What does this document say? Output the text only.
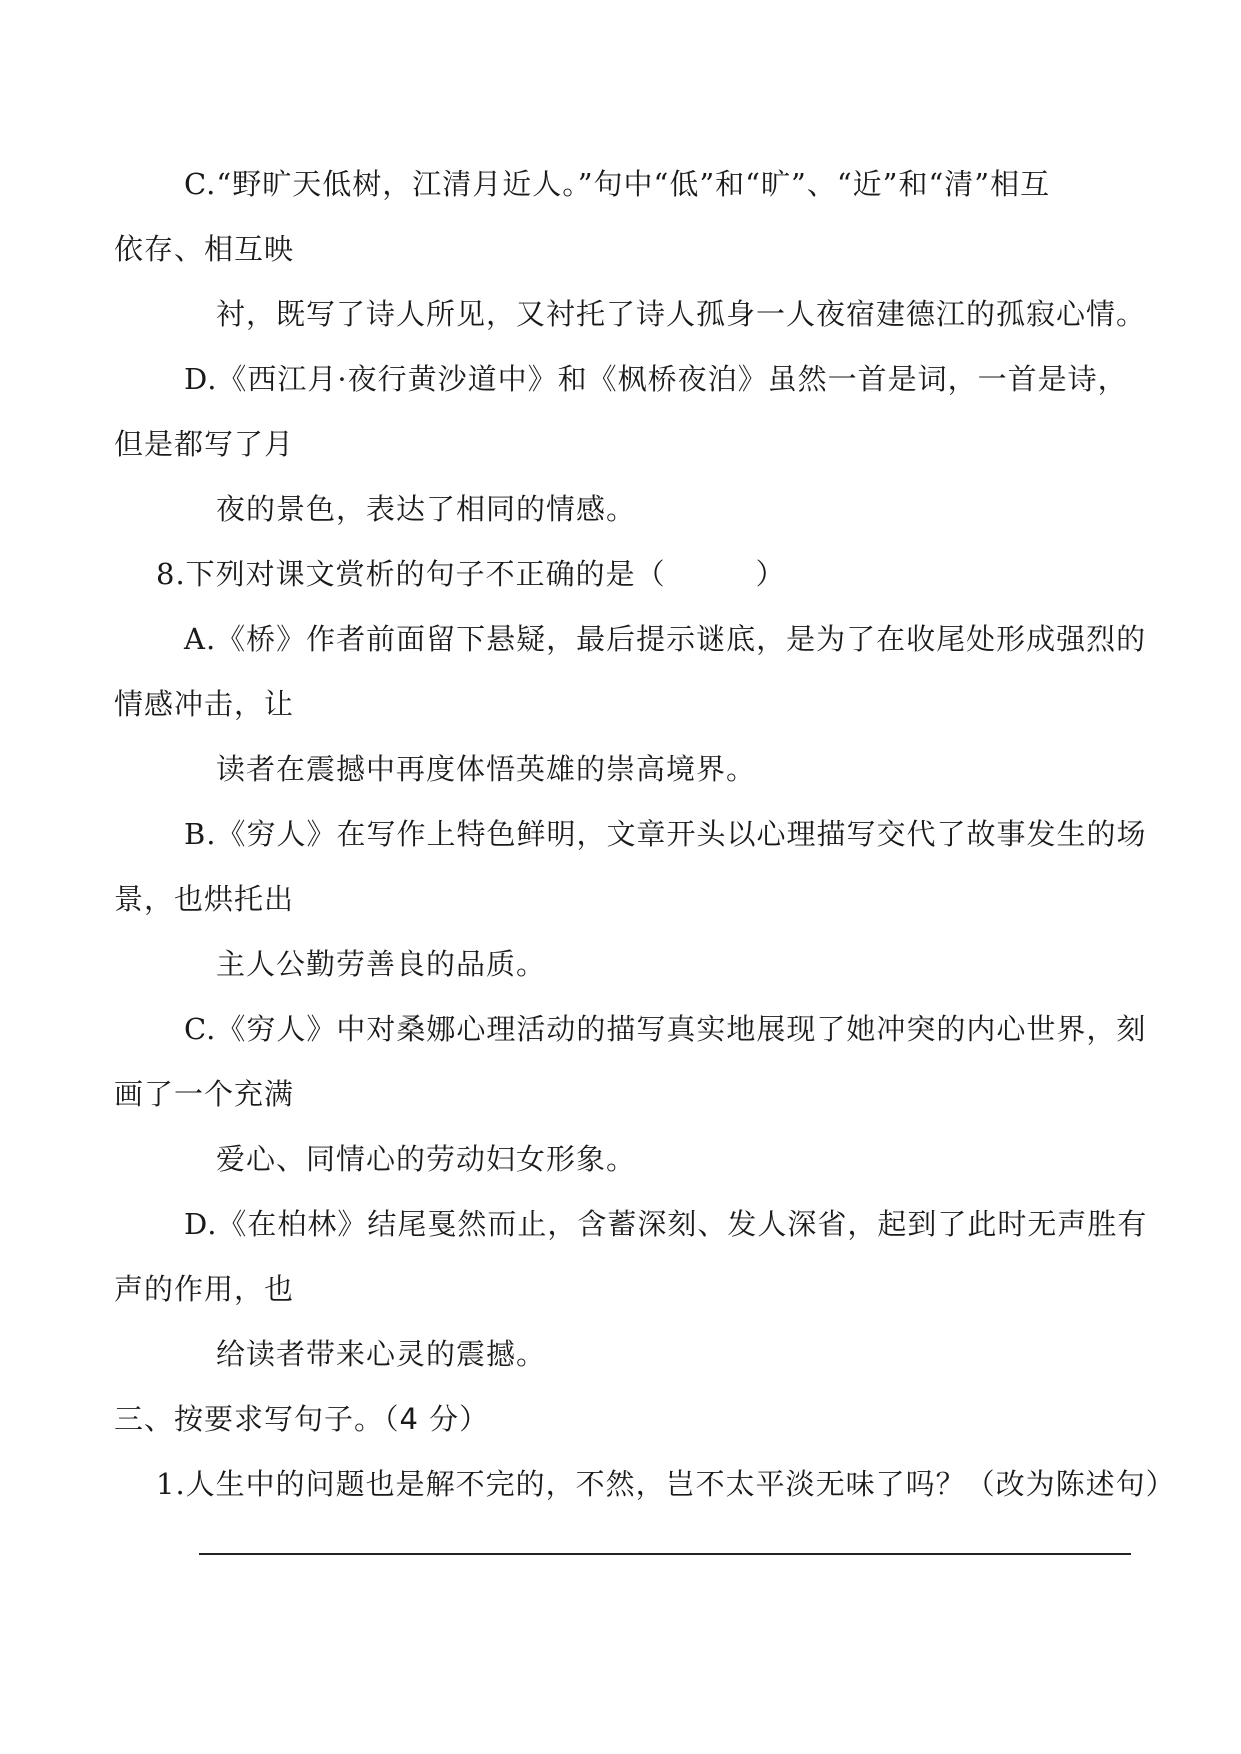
C.“野旷天低树，江清月近人。”句中“低”和“旷”、“近”和“清”相互
依存、相互映
衬，既写了诗人所见，又衬托了诗人孤身一人夜宿建德江的孤寂心情。
D.《西江月·夜行黄沙道中》和《枫桥夜泊》虽然一首是词，一首是诗，
但是都写了月
夜的景色，表达了相同的情感。
8.下列对课文赏析的句子不正确的是（　　　）
A.《桥》作者前面留下悬疑，最后提示谜底，是为了在收尾处形成强烈的
情感冲击，让
读者在震撼中再度体悟英雄的崇高境界。
B.《穷人》在写作上特色鲜明，文章开头以心理描写交代了故事发生的场
景，也烘托出
主人公勤劳善良的品质。
C.《穷人》中对桑娜心理活动的描写真实地展现了她冲突的内心世界，刻
画了一个充满
爱心、同情心的劳动妇女形象。
D.《在柏林》结尾戛然而止，含蓄深刻、发人深省，起到了此时无声胜有
声的作用，也
给读者带来心灵的震撼。
三、按要求写句子。（4 分）
1.人生中的问题也是解不完的，不然，岂不太平淡无味了吗？（改为陈述句）
